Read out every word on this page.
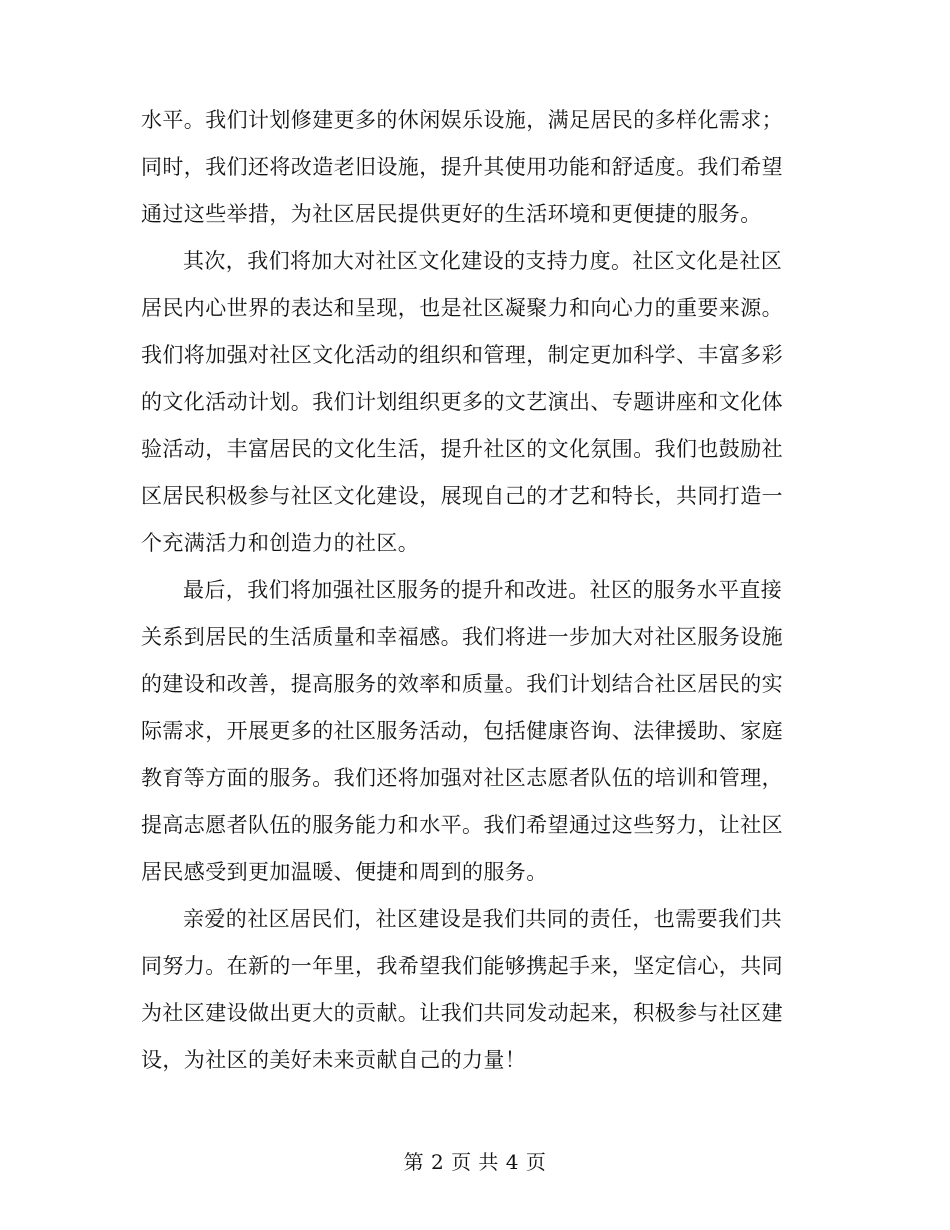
水平。我们计划修建更多的休闲娱乐设施，满足居民的多样化需求；
同时，我们还将改造老旧设施，提升其使用功能和舒适度。我们希望
通过这些举措，为社区居民提供更好的生活环境和更便捷的服务。
其次，我们将加大对社区文化建设的支持力度。社区文化是社区
居民内心世界的表达和呈现，也是社区凝聚力和向心力的重要来源。
我们将加强对社区文化活动的组织和管理，制定更加科学、丰富多彩
的文化活动计划。我们计划组织更多的文艺演出、专题讲座和文化体
验活动，丰富居民的文化生活，提升社区的文化氛围。我们也鼓励社
区居民积极参与社区文化建设，展现自己的才艺和特长，共同打造一
个充满活力和创造力的社区。
最后，我们将加强社区服务的提升和改进。社区的服务水平直接
关系到居民的生活质量和幸福感。我们将进一步加大对社区服务设施
的建设和改善，提高服务的效率和质量。我们计划结合社区居民的实
际需求，开展更多的社区服务活动，包括健康咨询、法律援助、家庭
教育等方面的服务。我们还将加强对社区志愿者队伍的培训和管理，
提高志愿者队伍的服务能力和水平。我们希望通过这些努力，让社区
居民感受到更加温暖、便捷和周到的服务。
亲爱的社区居民们，社区建设是我们共同的责任，也需要我们共
同努力。在新的一年里，我希望我们能够携起手来，坚定信心，共同
为社区建设做出更大的贡献。让我们共同发动起来，积极参与社区建
设，为社区的美好未来贡献自己的力量！
第 2 页 共 4 页
